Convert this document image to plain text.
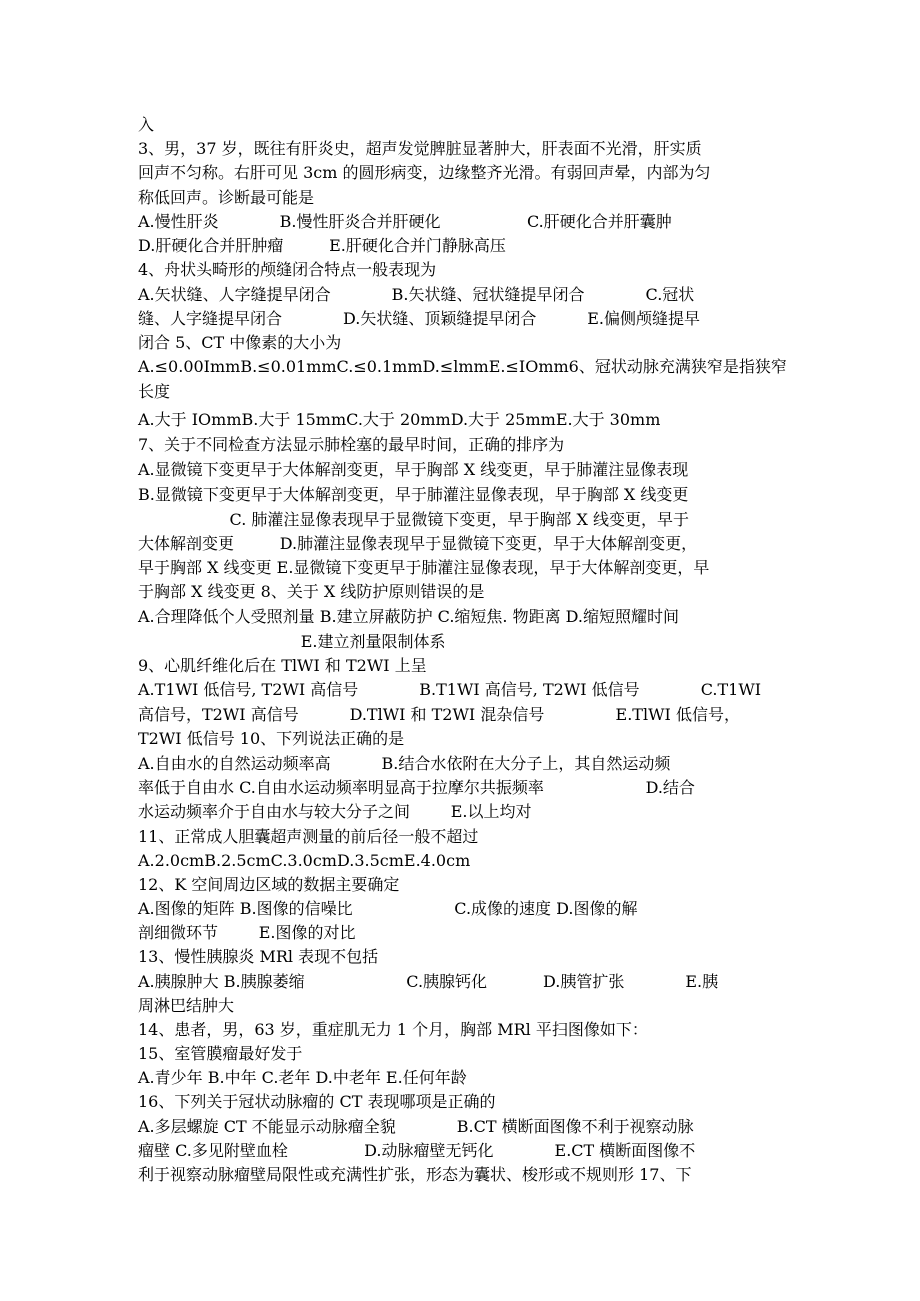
入
3、男，37 岁，既往有肝炎史，超声发觉脾脏显著肿大，肝表面不光滑，肝实质
回声不匀称。右肝可见 3cm 的圆形病变，边缘整齐光滑。有弱回声晕，内部为匀
称低回声。诊断最可能是
A.慢性肝炎            B.慢性肝炎合并肝硬化                 C.肝硬化合并肝囊肿
D.肝硬化合并肝肿瘤         E.肝硬化合并门静脉高压
4、舟状头畸形的颅缝闭合特点一般表现为
A.矢状缝、人字缝提早闭合            B.矢状缝、冠状缝提早闭合            C.冠状
缝、人字缝提早闭合            D.矢状缝、顶颖缝提早闭合          E.偏侧颅缝提早
闭合 5、CT 中像素的大小为
A.≤0.00ImmB.≤0.01mmC.≤0.1mmD.≤lmmE.≤IOmm6、冠状动脉充满狭窄是指狭窄
长度
A.大于 IOmmB.大于 15mmC.大于 20mmD.大于 25mmE.大于 30mm
7、关于不同检查方法显示肺栓塞的最早时间，正确的排序为
A.显微镜下变更早于大体解剖变更，早于胸部 X 线变更，早于肺灌注显像表现
B.显微镜下变更早于大体解剖变更，早于肺灌注显像表现，早于胸部 X 线变更
C. 肺灌注显像表现早于显微镜下变更，早于胸部 X 线变更，早于
大体解剖变更         D.肺灌注显像表现早于显微镜下变更，早于大体解剖变更，
早于胸部 X 线变更 E.显微镜下变更早于肺灌注显像表现，早于大体解剖变更，早
于胸部 X 线变更 8、关于 X 线防护原则错误的是
A.合理降低个人受照剂量 B.建立屏蔽防护 C.缩短焦. 物距离 D.缩短照耀时间
E.建立剂量限制体系
9、心肌纤维化后在 TlWI 和 T2WI 上呈
A.T1WI 低信号, T2WI 高信号            B.T1WI 高信号, T2WI 低信号            C.T1WI
高信号，T2WI 高信号          D.TlWI 和 T2WI 混杂信号              E.TlWI 低信号，
T2WI 低信号 10、下列说法正确的是
A.自由水的自然运动频率高          B.结合水依附在大分子上，其自然运动频
率低于自由水 C.自由水运动频率明显高于拉摩尔共振频率                    D.结合
水运动频率介于自由水与较大分子之间        E.以上均对
11、正常成人胆囊超声测量的前后径一般不超过
A.2.0cmB.2.5cmC.3.0cmD.3.5cmE.4.0cm
12、K 空间周边区域的数据主要确定
A.图像的矩阵 B.图像的信噪比                    C.成像的速度 D.图像的解
剖细微环节        E.图像的对比
13、慢性胰腺炎 MRl 表现不包括
A.胰腺肿大 B.胰腺萎缩                    C.胰腺钙化           D.胰管扩张            E.胰
周淋巴结肿大
14、患者，男，63 岁，重症肌无力 1 个月，胸部 MRl 平扫图像如下：
15、室管膜瘤最好发于
A.青少年 B.中年 C.老年 D.中老年 E.任何年龄
16、下列关于冠状动脉瘤的 CT 表现哪项是正确的
A.多层螺旋 CT 不能显示动脉瘤全貌            B.CT 横断面图像不利于视察动脉
瘤壁 C.多见附壁血栓               D.动脉瘤壁无钙化            E.CT 横断面图像不
利于视察动脉瘤壁局限性或充满性扩张，形态为囊状、梭形或不规则形 17、下
